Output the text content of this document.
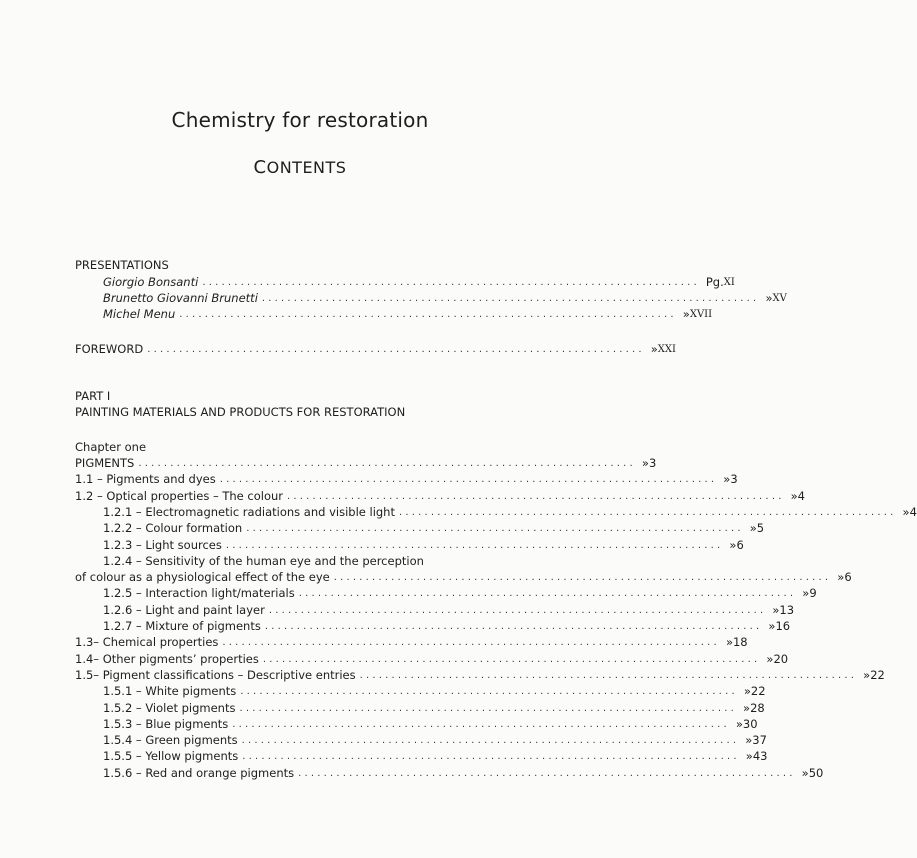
Chemistry for restoration
CONTENTS
PRESENTATIONS
Giorgio Bonsanti .............................................................................. Pg. XI
Brunetto Giovanni Brunetti .............................................................................. » XV
Michel Menu .............................................................................. » XVII
FOREWORD .............................................................................. » XXI
PART I
PAINTING MATERIALS AND PRODUCTS FOR RESTORATION
Chapter one
PIGMENTS .............................................................................. » 3
1.1 – Pigments and dyes .............................................................................. » 3
1.2 – Optical properties – The colour .............................................................................. » 4
1.2.1 – Electromagnetic radiations and visible light .............................................................................. » 4
1.2.2 – Colour formation .............................................................................. » 5
1.2.3 – Light sources .............................................................................. » 6
1.2.4 – Sensitivity of the human eye and the perception
of colour as a physiological effect of the eye .............................................................................. » 6
1.2.5 – Interaction light/materials .............................................................................. » 9
1.2.6 – Light and paint layer .............................................................................. » 13
1.2.7 – Mixture of pigments .............................................................................. » 16
1.3– Chemical properties .............................................................................. » 18
1.4– Other pigments’ properties .............................................................................. » 20
1.5– Pigment classifications – Descriptive entries .............................................................................. » 22
1.5.1 – White pigments .............................................................................. » 22
1.5.2 – Violet pigments .............................................................................. » 28
1.5.3 – Blue pigments .............................................................................. » 30
1.5.4 – Green pigments .............................................................................. » 37
1.5.5 – Yellow pigments .............................................................................. » 43
1.5.6 – Red and orange pigments .............................................................................. » 50
